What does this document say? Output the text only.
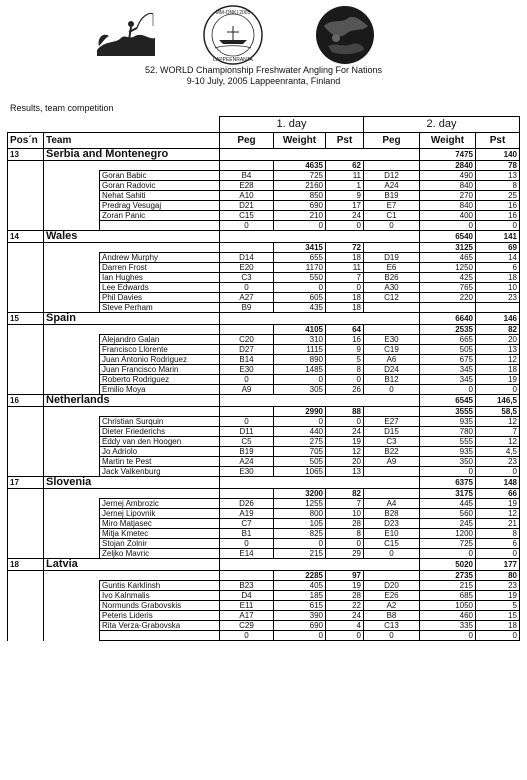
MM-ONKI 2005
LAPPEENRANTA
52. WORLD Championship Freshwater Angling For Nations
9-10 July, 2005 Lappeenranta, Finland
Results, team competition
			1. day			2. day		
Pos´n	Team		Peg	Weight	Pst	Peg	Weight	Pst
13	Serbia and Montenegro						7475	140
				4635	62		2840	78
		Goran Babic	B4	725	11	D12	490	13
		Goran Radovic	E28	2160	1	A24	840	8
		Nehat Sahiti	A10	850	9	B19	270	25
		Predrag Vesugaj	D21	690	17	E7	840	16
		Zoran Panic	C15	210	24	C1	400	16
			0	0	0	0	0	0
14	Wales						6540	141
				3415	72		3125	69
		Andrew Murphy	D14	655	18	D19	465	14
		Darren Frost	E20	1170	11	E6	1250	6
		Ian Hughes	C3	550	7	B26	425	18
		Lee Edwards	0	0	0	A30	765	10
		Phil Davies	A27	605	18	C12	220	23
		Steve Perham	B9	435	18			
15	Spain						6640	146
				4105	64		2535	82
		Alejandro Galan	C20	310	16	E30	665	20
		Francisco Llorente	D27	1115	9	C19	505	13
		Juan Antonio Rodriguez	B14	890	5	A6	675	12
		Juan Francisco Marin	E30	1485	8	D24	345	18
		Roberto Rodriguez	0	0	0	B12	345	19
		Emilio Moya	A9	305	26	0	0	0
16	Netherlands						6545	146,5
				2990	88		3555	58,5
		Christian Surquin	0	0	0	E27	935	12
		Dieter Friederichs	D11	440	24	D15	780	7
		Eddy van den Hoogen	C5	275	19	C3	555	12
		Jo Adriolo	B19	705	12	B22	935	4,5
		Martin te Pest	A24	505	20	A9	350	23
		Jack Valkenburg	E30	1065	13		0	0
17	Slovenia						6375	148
				3200	82		3175	66
		Jernej Ambrozic	D26	1255	7	A4	445	19
		Jernej Lipovnik	A19	800	10	B28	560	12
		Miro Matjasec	C7	105	28	D23	245	21
		Mitja Kmetec	B1	825	8	E10	1200	8
		Stojan Zolnir	0	0	0	C15	725	6
		Zeljko Mavric	E14	215	29	0	0	0
18	Latvia						5020	177
				2285	97		2735	80
		Guntis Karklinsh	B23	405	19	D20	215	23
		Ivo Kalnmalis	D4	185	28	E26	685	19
		Normunds Grabovskis	E11	615	22	A2	1050	5
		Peteris Lideris	A17	390	24	B8	460	15
		Rita Verza-Grabovska	C29	690	4	C13	335	18
			0	0	0	0	0	0
